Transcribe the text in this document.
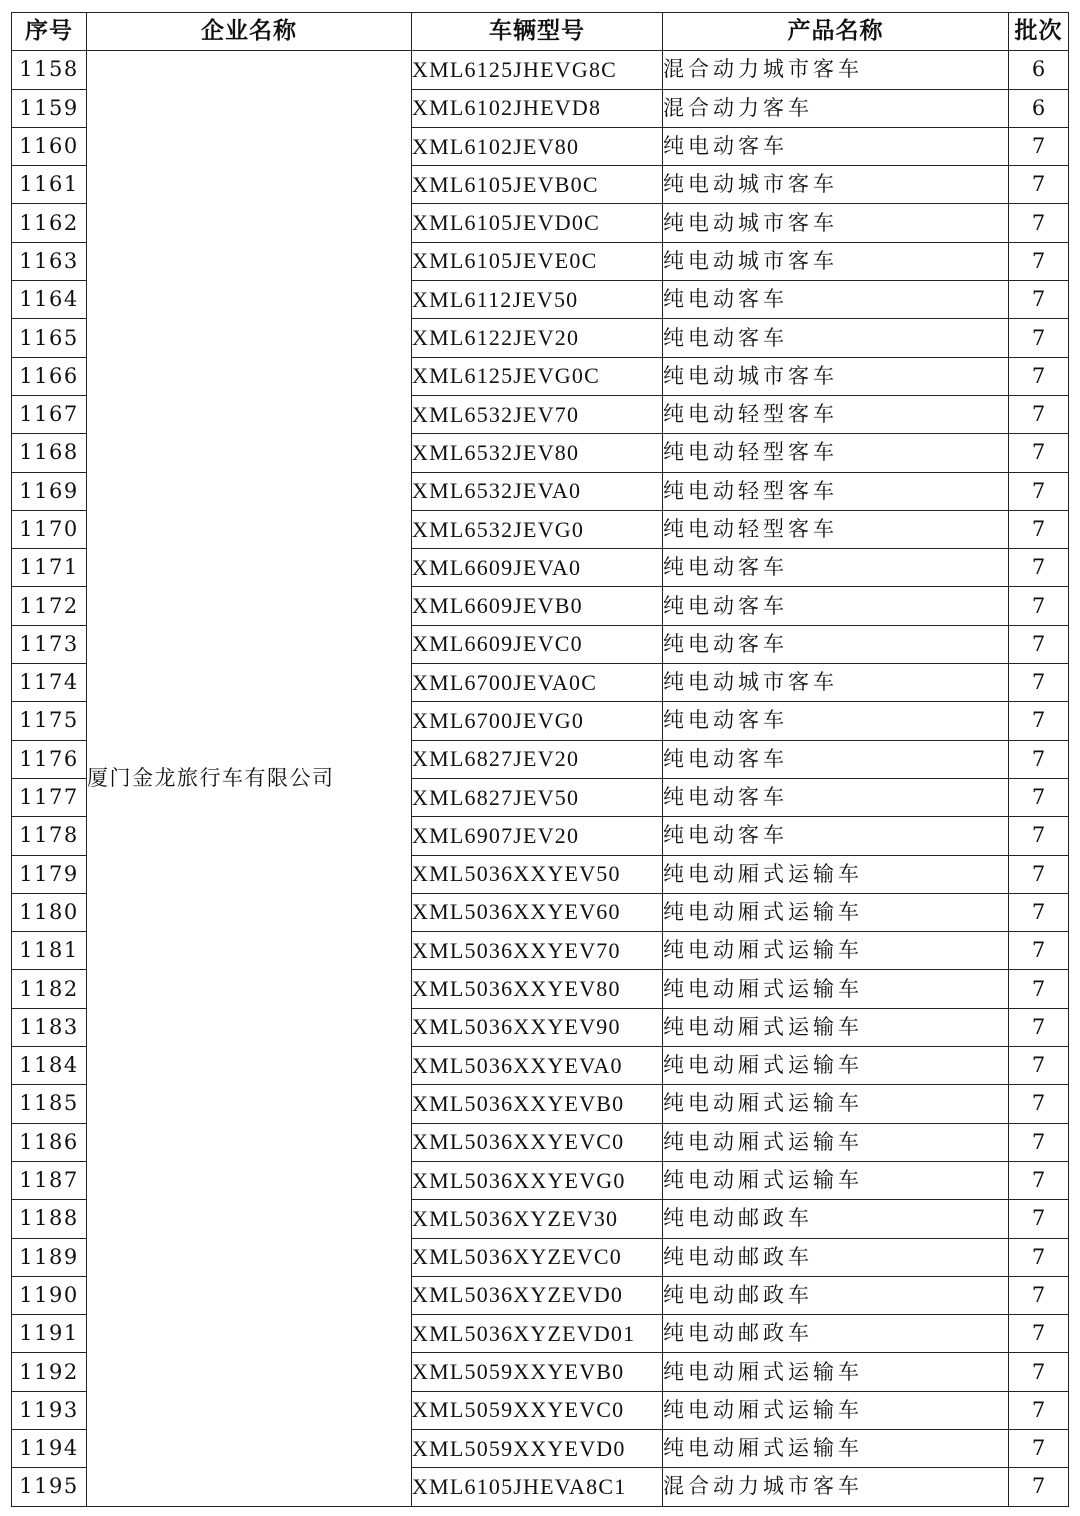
序号	企业名称	车辆型号	产品名称	批次
1158	厦门金龙旅行车有限公司	XML6125JHEVG8C	混合动力城市客车	6
1159		XML6102JHEVD8	混合动力客车	6
1160		XML6102JEV80	纯电动客车	7
1161		XML6105JEVB0C	纯电动城市客车	7
1162		XML6105JEVD0C	纯电动城市客车	7
1163		XML6105JEVE0C	纯电动城市客车	7
1164		XML6112JEV50	纯电动客车	7
1165		XML6122JEV20	纯电动客车	7
1166		XML6125JEVG0C	纯电动城市客车	7
1167		XML6532JEV70	纯电动轻型客车	7
1168		XML6532JEV80	纯电动轻型客车	7
1169		XML6532JEVA0	纯电动轻型客车	7
1170		XML6532JEVG0	纯电动轻型客车	7
1171		XML6609JEVA0	纯电动客车	7
1172		XML6609JEVB0	纯电动客车	7
1173		XML6609JEVC0	纯电动客车	7
1174		XML6700JEVA0C	纯电动城市客车	7
1175		XML6700JEVG0	纯电动客车	7
1176		XML6827JEV20	纯电动客车	7
1177		XML6827JEV50	纯电动客车	7
1178		XML6907JEV20	纯电动客车	7
1179		XML5036XXYEV50	纯电动厢式运输车	7
1180		XML5036XXYEV60	纯电动厢式运输车	7
1181		XML5036XXYEV70	纯电动厢式运输车	7
1182		XML5036XXYEV80	纯电动厢式运输车	7
1183		XML5036XXYEV90	纯电动厢式运输车	7
1184		XML5036XXYEVA0	纯电动厢式运输车	7
1185		XML5036XXYEVB0	纯电动厢式运输车	7
1186		XML5036XXYEVC0	纯电动厢式运输车	7
1187		XML5036XXYEVG0	纯电动厢式运输车	7
1188		XML5036XYZEV30	纯电动邮政车	7
1189		XML5036XYZEVC0	纯电动邮政车	7
1190		XML5036XYZEVD0	纯电动邮政车	7
1191		XML5036XYZEVD01	纯电动邮政车	7
1192		XML5059XXYEVB0	纯电动厢式运输车	7
1193		XML5059XXYEVC0	纯电动厢式运输车	7
1194		XML5059XXYEVD0	纯电动厢式运输车	7
1195		XML6105JHEVA8C1	混合动力城市客车	7
